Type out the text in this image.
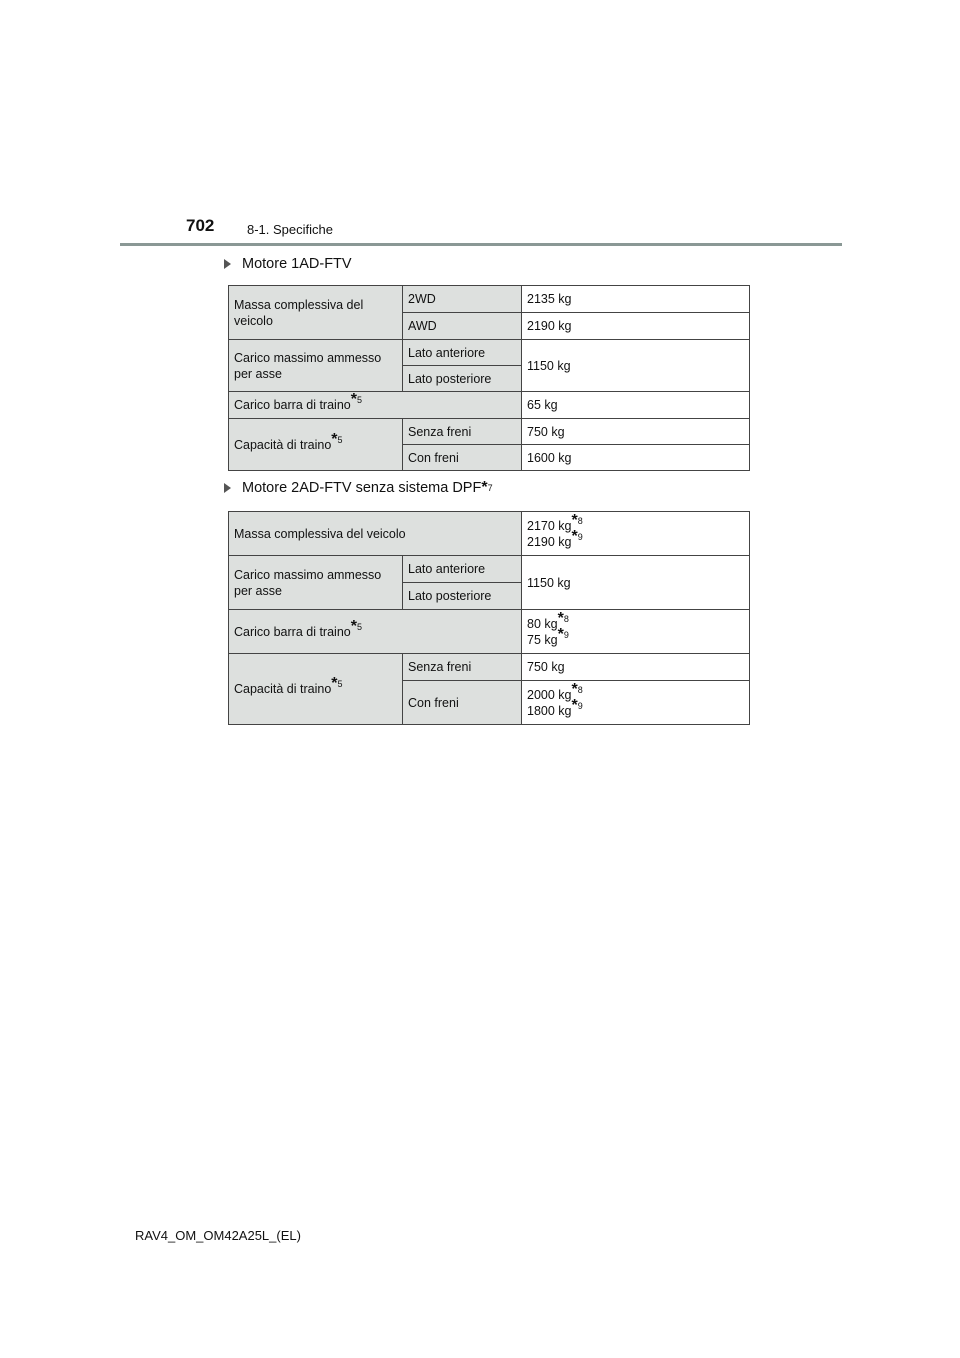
702	8-1. Specifiche
Motore 1AD-FTV
Massa complessiva del veicolo	2WD	2135 kg
	AWD	2190 kg
Carico massimo ammesso per asse	Lato anteriore	1150 kg
	Lato posteriore	
Carico barra di traino$^{*5}$		65 kg
Capacità di traino$^{*5}$	Senza freni	750 kg
	Con freni	1600 kg
Motore 2AD-FTV senza sistema DPF * 7
Massa complessiva del veicolo		2170 $kg^{*8}$
2190 $kg^{*9}$

Carico massimo ammesso per asse	Lato anteriore	1150 kg
	Lato posteriore	
Carico barra di traino$^{*5}$		80 $kg^{*8}$
75 $kg^{*9}$

Capacità di traino$^{*5}$	Senza freni	750 kg
	Con freni	2000 $kg^{*8}$
1800 $kg^{*9}$
RAV4_OM_OM42A25L_(EL)
